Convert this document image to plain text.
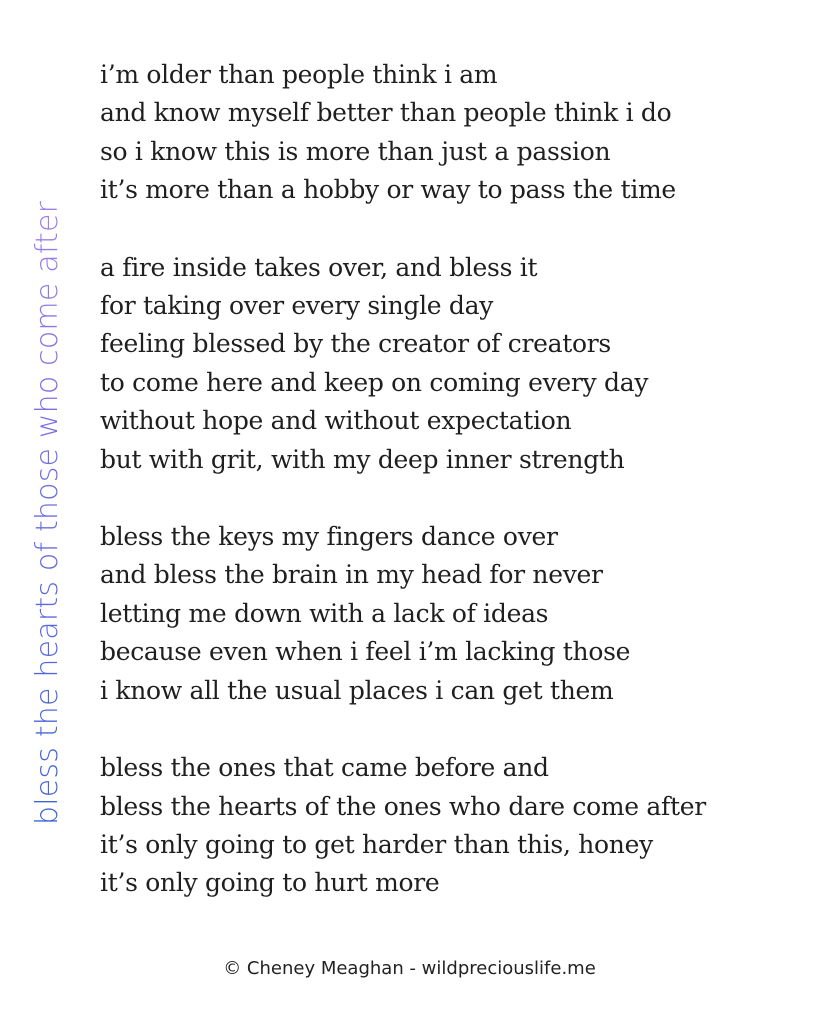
bless the hearts of those who come after
i’m older than people think i am
and know myself better than people think i do
so i know this is more than just a passion
it’s more than a hobby or way to pass the time
a fire inside takes over, and bless it
for taking over every single day
feeling blessed by the creator of creators
to come here and keep on coming every day
without hope and without expectation
but with grit, with my deep inner strength
bless the keys my fingers dance over
and bless the brain in my head for never
letting me down with a lack of ideas
because even when i feel i’m lacking those
i know all the usual places i can get them
bless the ones that came before and
bless the hearts of the ones who dare come after
it’s only going to get harder than this, honey
it’s only going to hurt more
© Cheney Meaghan - wildpreciouslife.me
